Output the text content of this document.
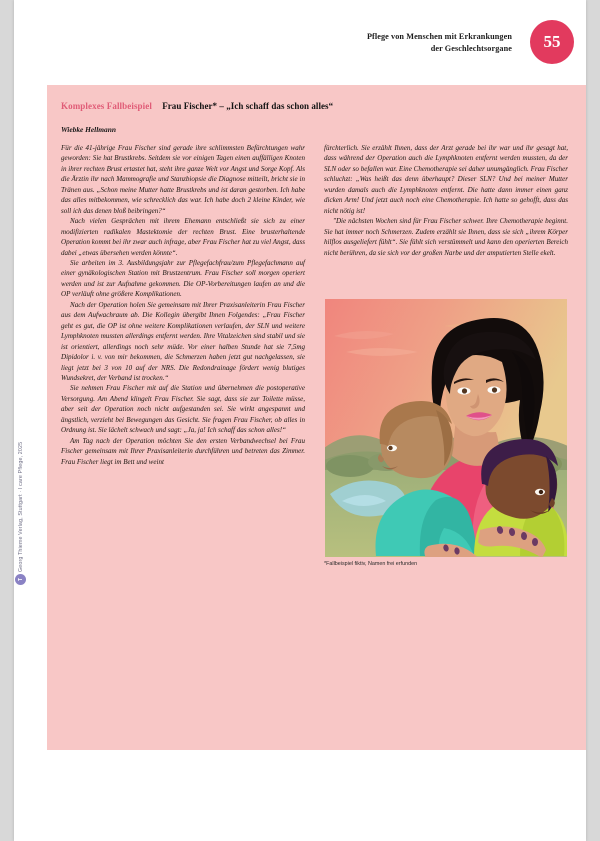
Pflege von Menschen mit Erkrankungen
der Geschlechtsorgane	55
Komplexes Fallbeispiel Frau Fischer* – „Ich schaff das schon alles“
Wiebke Hellmann

Für die 41-jährige Frau Fischer sind gerade ihre schlimmsten Befürchtungen wahr geworden: Sie hat Brustkrebs. Seitdem sie vor einigen Tagen einen auffälligen Knoten in ihrer rechten Brust ertastet hat, steht ihre ganze Welt vor Angst und Sorge Kopf. Als die Ärztin ihr nach Mammografie und Stanzbiopsie die Diagnose mitteilt, bricht sie in Tränen aus. „Schon meine Mutter hatte Brustkrebs und ist daran gestorben. Ich habe das alles mitbekommen, wie schrecklich das war. Ich habe doch 2 kleine Kinder, wie soll ich das denen bloß beibringen?“

Nach vielen Gesprächen mit ihrem Ehemann entschließt sie sich zu einer modifizierten radikalen Mastektomie der rechten Brust. Eine brusterhaltende Operation kommt bei ihr zwar auch infrage, aber Frau Fischer hat zu viel Angst, dass dabei „etwas übersehen werden könnte“.

Sie arbeiten im 3. Ausbildungsjahr zur Pflegefachfrau/zum Pflegefachmann auf einer gynäkologischen Station mit Brustzentrum. Frau Fischer soll morgen operiert werden und ist zur Aufnahme gekommen. Die OP-Vorbereitungen laufen an und die OP verläuft ohne größere Komplikationen.

Nach der Operation holen Sie gemeinsam mit Ihrer Praxisanleiterin Frau Fischer aus dem Aufwachraum ab. Die Kollegin übergibt Ihnen Folgendes: „Frau Fischer geht es gut, die OP ist ohne weitere Komplikationen verlaufen, der SLN und weitere Lymphknoten mussten allerdings entfernt werden. Ihre Vitalzeichen sind stabil und sie ist orientiert, allerdings noch sehr müde. Vor einer halben Stunde hat sie 7,5mg Dipidolor i. v. von mir bekommen, die Schmerzen haben jetzt gut nachgelassen, sie liegt jetzt bei 3 von 10 auf der NRS. Die Redondrainage fördert wenig blutiges Wundsekret, der Verband ist trocken.“

Sie nehmen Frau Fischer mit auf die Station und übernehmen die postoperative Versorgung. Am Abend klingelt Frau Fischer. Sie sagt, dass sie zur Toilette müsse, aber seit der Operation noch nicht aufgestanden sei. Sie wirkt angespannt und ängstlich, verzieht bei Bewegungen das Gesicht. Sie fragen Frau Fischer, ob alles in Ordnung ist. Sie lächelt schwach und sagt: „Ja, ja! Ich schaff das schon alles!“

Am Tag nach der Operation möchten Sie den ersten Verbandwechsel bei Frau Fischer gemeinsam mit Ihrer Praxisanleiterin durchführen und betreten das Zimmer. Frau Fischer liegt im Bett und weint

fürchterlich. Sie erzählt Ihnen, dass der Arzt gerade bei ihr war und ihr gesagt hat, dass während der Operation auch die Lymphknoten entfernt werden mussten, da der SLN oder so befallen war. Eine Chemotherapie sei daher unumgänglich. Frau Fischer schluchzt: „Was heißt das denn überhaupt? Dieser SLN? Und bei meiner Mutter wurden damals auch die Lymphknoten entfernt. Die hatte dann immer einen ganz dicken Arm! Und jetzt auch noch eine Chemotherapie. Ich hatte so gehofft, dass das nicht nötig ist!

"Die nächsten Wochen sind für Frau Fischer schwer. Ihre Chemotherapie beginnt. Sie hat immer noch Schmerzen. Zudem erzählt sie Ihnen, dass sie sich „ihrem Körper hilflos ausgeliefert fühlt“. Sie fühlt sich verstümmelt und kann den operierten Bereich nicht berühren, da sie sich vor der großen Narbe und der amputierten Stelle ekelt.

*Fallbeispiel fiktiv, Namen frei erfunden
T
Georg Thieme Verlag, Stuttgart · I care Pflege, 2025
